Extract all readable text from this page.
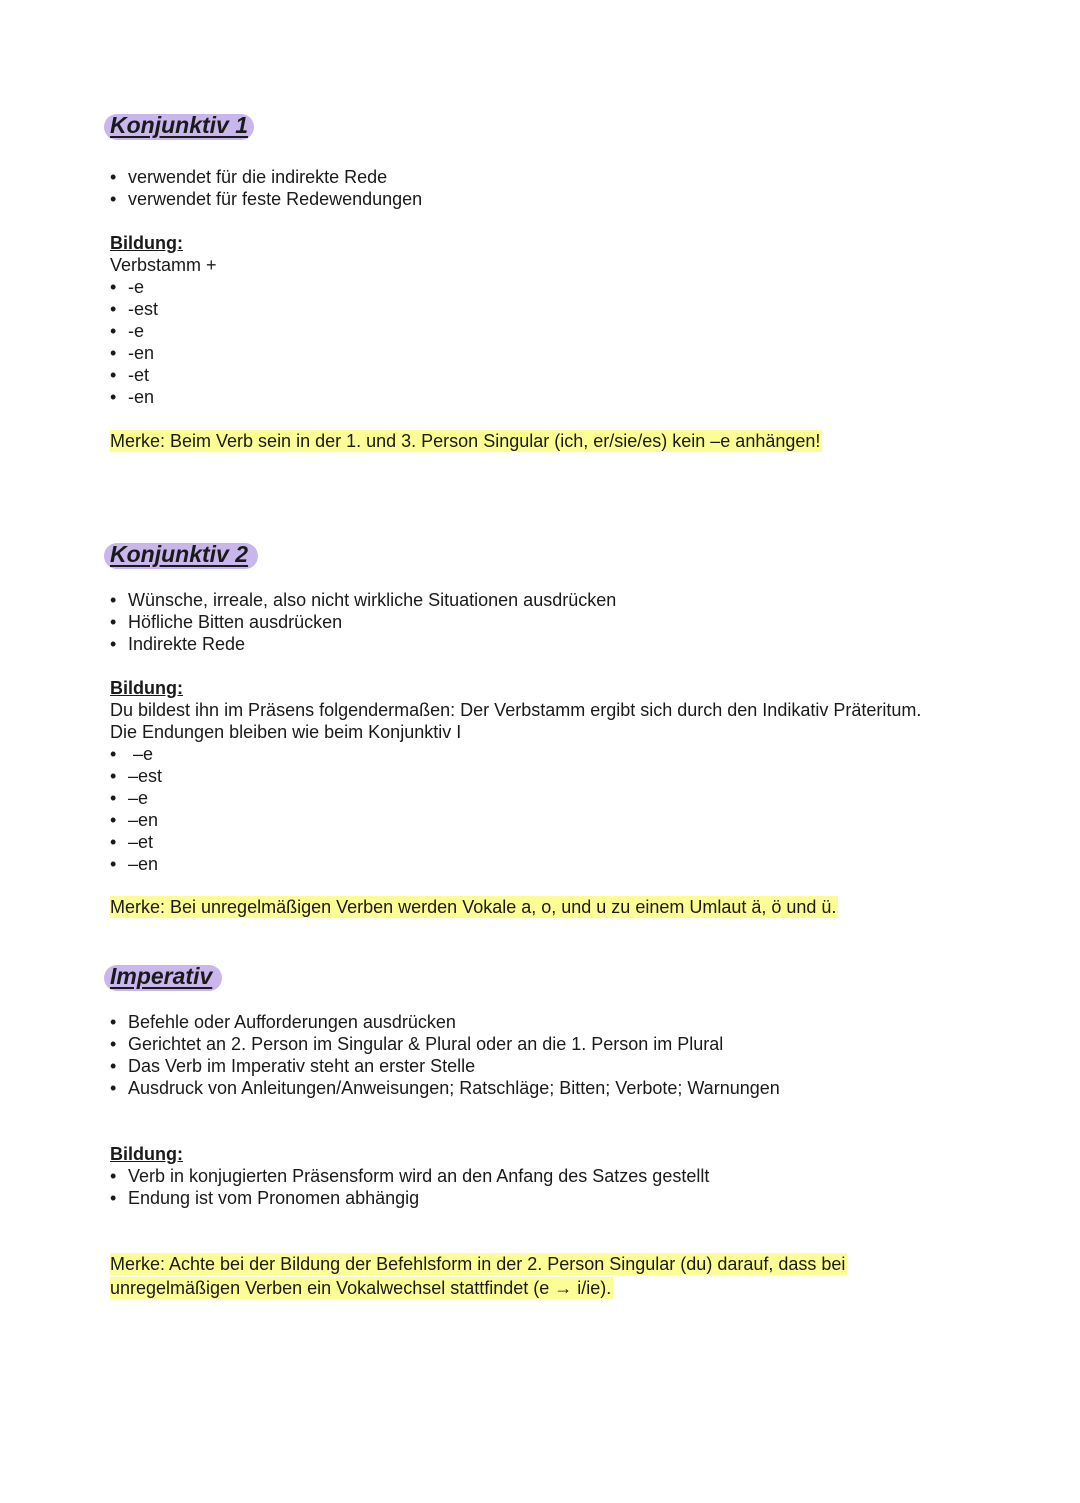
Konjunktiv 1
• verwendet für die indirekte Rede
• verwendet für feste Redewendungen
Bildung:
Verbstamm +
• -e
• -est
• -e
• -en
• -et
• -en
Merke: Beim Verb sein in der 1. und 3. Person Singular (ich, er/sie/es) kein –e anhängen!
Konjunktiv 2
• Wünsche, irreale, also nicht wirkliche Situationen ausdrücken
• Höfliche Bitten ausdrücken
• Indirekte Rede
Bildung:
Du bildest ihn im Präsens folgendermaßen: Der Verbstamm ergibt sich durch den Indikativ Präteritum.
Die Endungen bleiben wie beim Konjunktiv I
•  –e
• –est
• –e
• –en
• –et
• –en
Merke: Bei unregelmäßigen Verben werden Vokale a, o, und u zu einem Umlaut ä, ö und ü.
Imperativ
• Befehle oder Aufforderungen ausdrücken
• Gerichtet an 2. Person im Singular & Plural oder an die 1. Person im Plural
• Das Verb im Imperativ steht an erster Stelle
• Ausdruck von Anleitungen/Anweisungen; Ratschläge; Bitten; Verbote; Warnungen
Bildung:
• Verb in konjugierten Präsensform wird an den Anfang des Satzes gestellt
• Endung ist vom Pronomen abhängig
Merke: Achte bei der Bildung der Befehlsform in der 2. Person Singular (du) darauf, dass bei
unregelmäßigen Verben ein Vokalwechsel stattfindet (e → i/ie).
